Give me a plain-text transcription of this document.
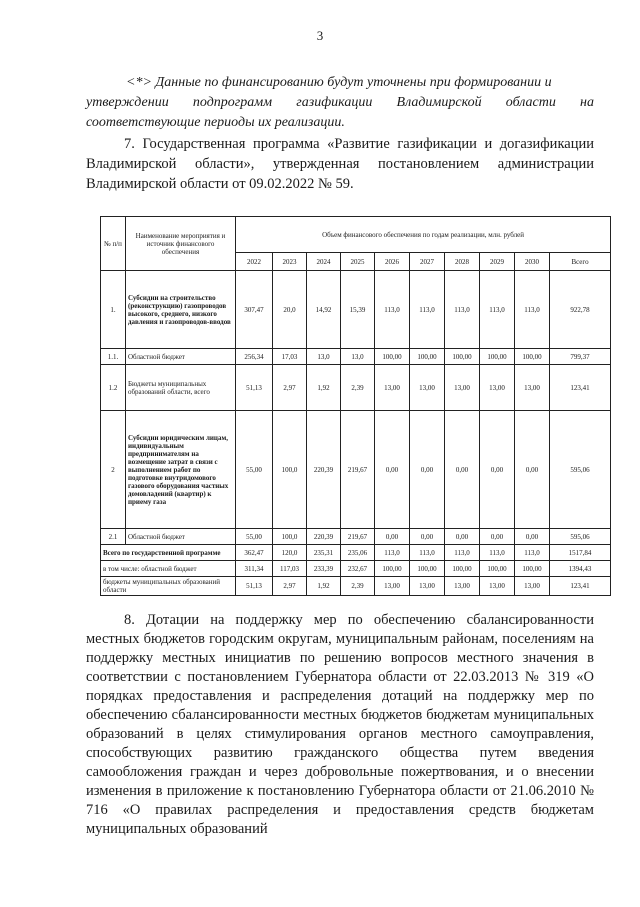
3
<*> Данные по финансированию будут уточнены при формировании и
утверждении подпрограмм газификации Владимирской области на соответствующие периоды их реализации.
7. Государственная программа «Развитие газификации и догазификации Владимирской области», утвержденная постановлением администрации Владимирской области от 09.02.2022 № 59.
№ п/п	Наименование мероприятия и источник финансового обеспечения	Объем финансового обеспечения по годам реализации, млн. рублей									
		2022	2023	2024	2025	2026	2027	2028	2029	2030	Всего
1.	Субсидии на строительство (реконструкцию) газопроводов высокого, среднего, низкого давления и газопроводов-вводов	307,47	20,0	14,92	15,39	113,0	113,0	113,0	113,0	113,0	922,78
1.1.	Областной бюджет	256,34	17,03	13,0	13,0	100,00	100,00	100,00	100,00	100,00	799,37
1.2	Бюджеты муниципальных образований области, всего	51,13	2,97	1,92	2,39	13,00	13,00	13,00	13,00	13,00	123,41
2	Субсидии юридическим лицам, индивидуальным предпринимателям на возмещение затрат в связи с выполнением работ по подготовке внутридомового газового оборудования частных домовладений (квартир) к приему газа	55,00	100,0	220,39	219,67	0,00	0,00	0,00	0,00	0,00	595,06
2.1	Областной бюджет	55,00	100,0	220,39	219,67	0,00	0,00	0,00	0,00	0,00	595,06
Всего по государственной программе		362,47	120,0	235,31	235,06	113,0	113,0	113,0	113,0	113,0	1517,84
в том числе: областной бюджет		311,34	117,03	233,39	232,67	100,00	100,00	100,00	100,00	100,00	1394,43
бюджеты муниципальных образований области		51,13	2,97	1,92	2,39	13,00	13,00	13,00	13,00	13,00	123,41
8. Дотации на поддержку мер по обеспечению сбалансированности местных бюджетов городским округам, муниципальным районам, поселениям на поддержку местных инициатив по решению вопросов местного значения в соответствии с постановлением Губернатора области от 22.03.2013 № 319 «О порядках предоставления и распределения дотаций на поддержку мер по обеспечению сбалансированности местных бюджетов бюджетам муниципальных образований в целях стимулирования органов местного самоуправления, способствующих развитию гражданского общества путем введения самообложения граждан и через добровольные пожертвования, и о внесении изменения в приложение к постановлению Губернатора области от 21.06.2010 № 716 «О правилах распределения и предоставления средств бюджетам муниципальных образований
